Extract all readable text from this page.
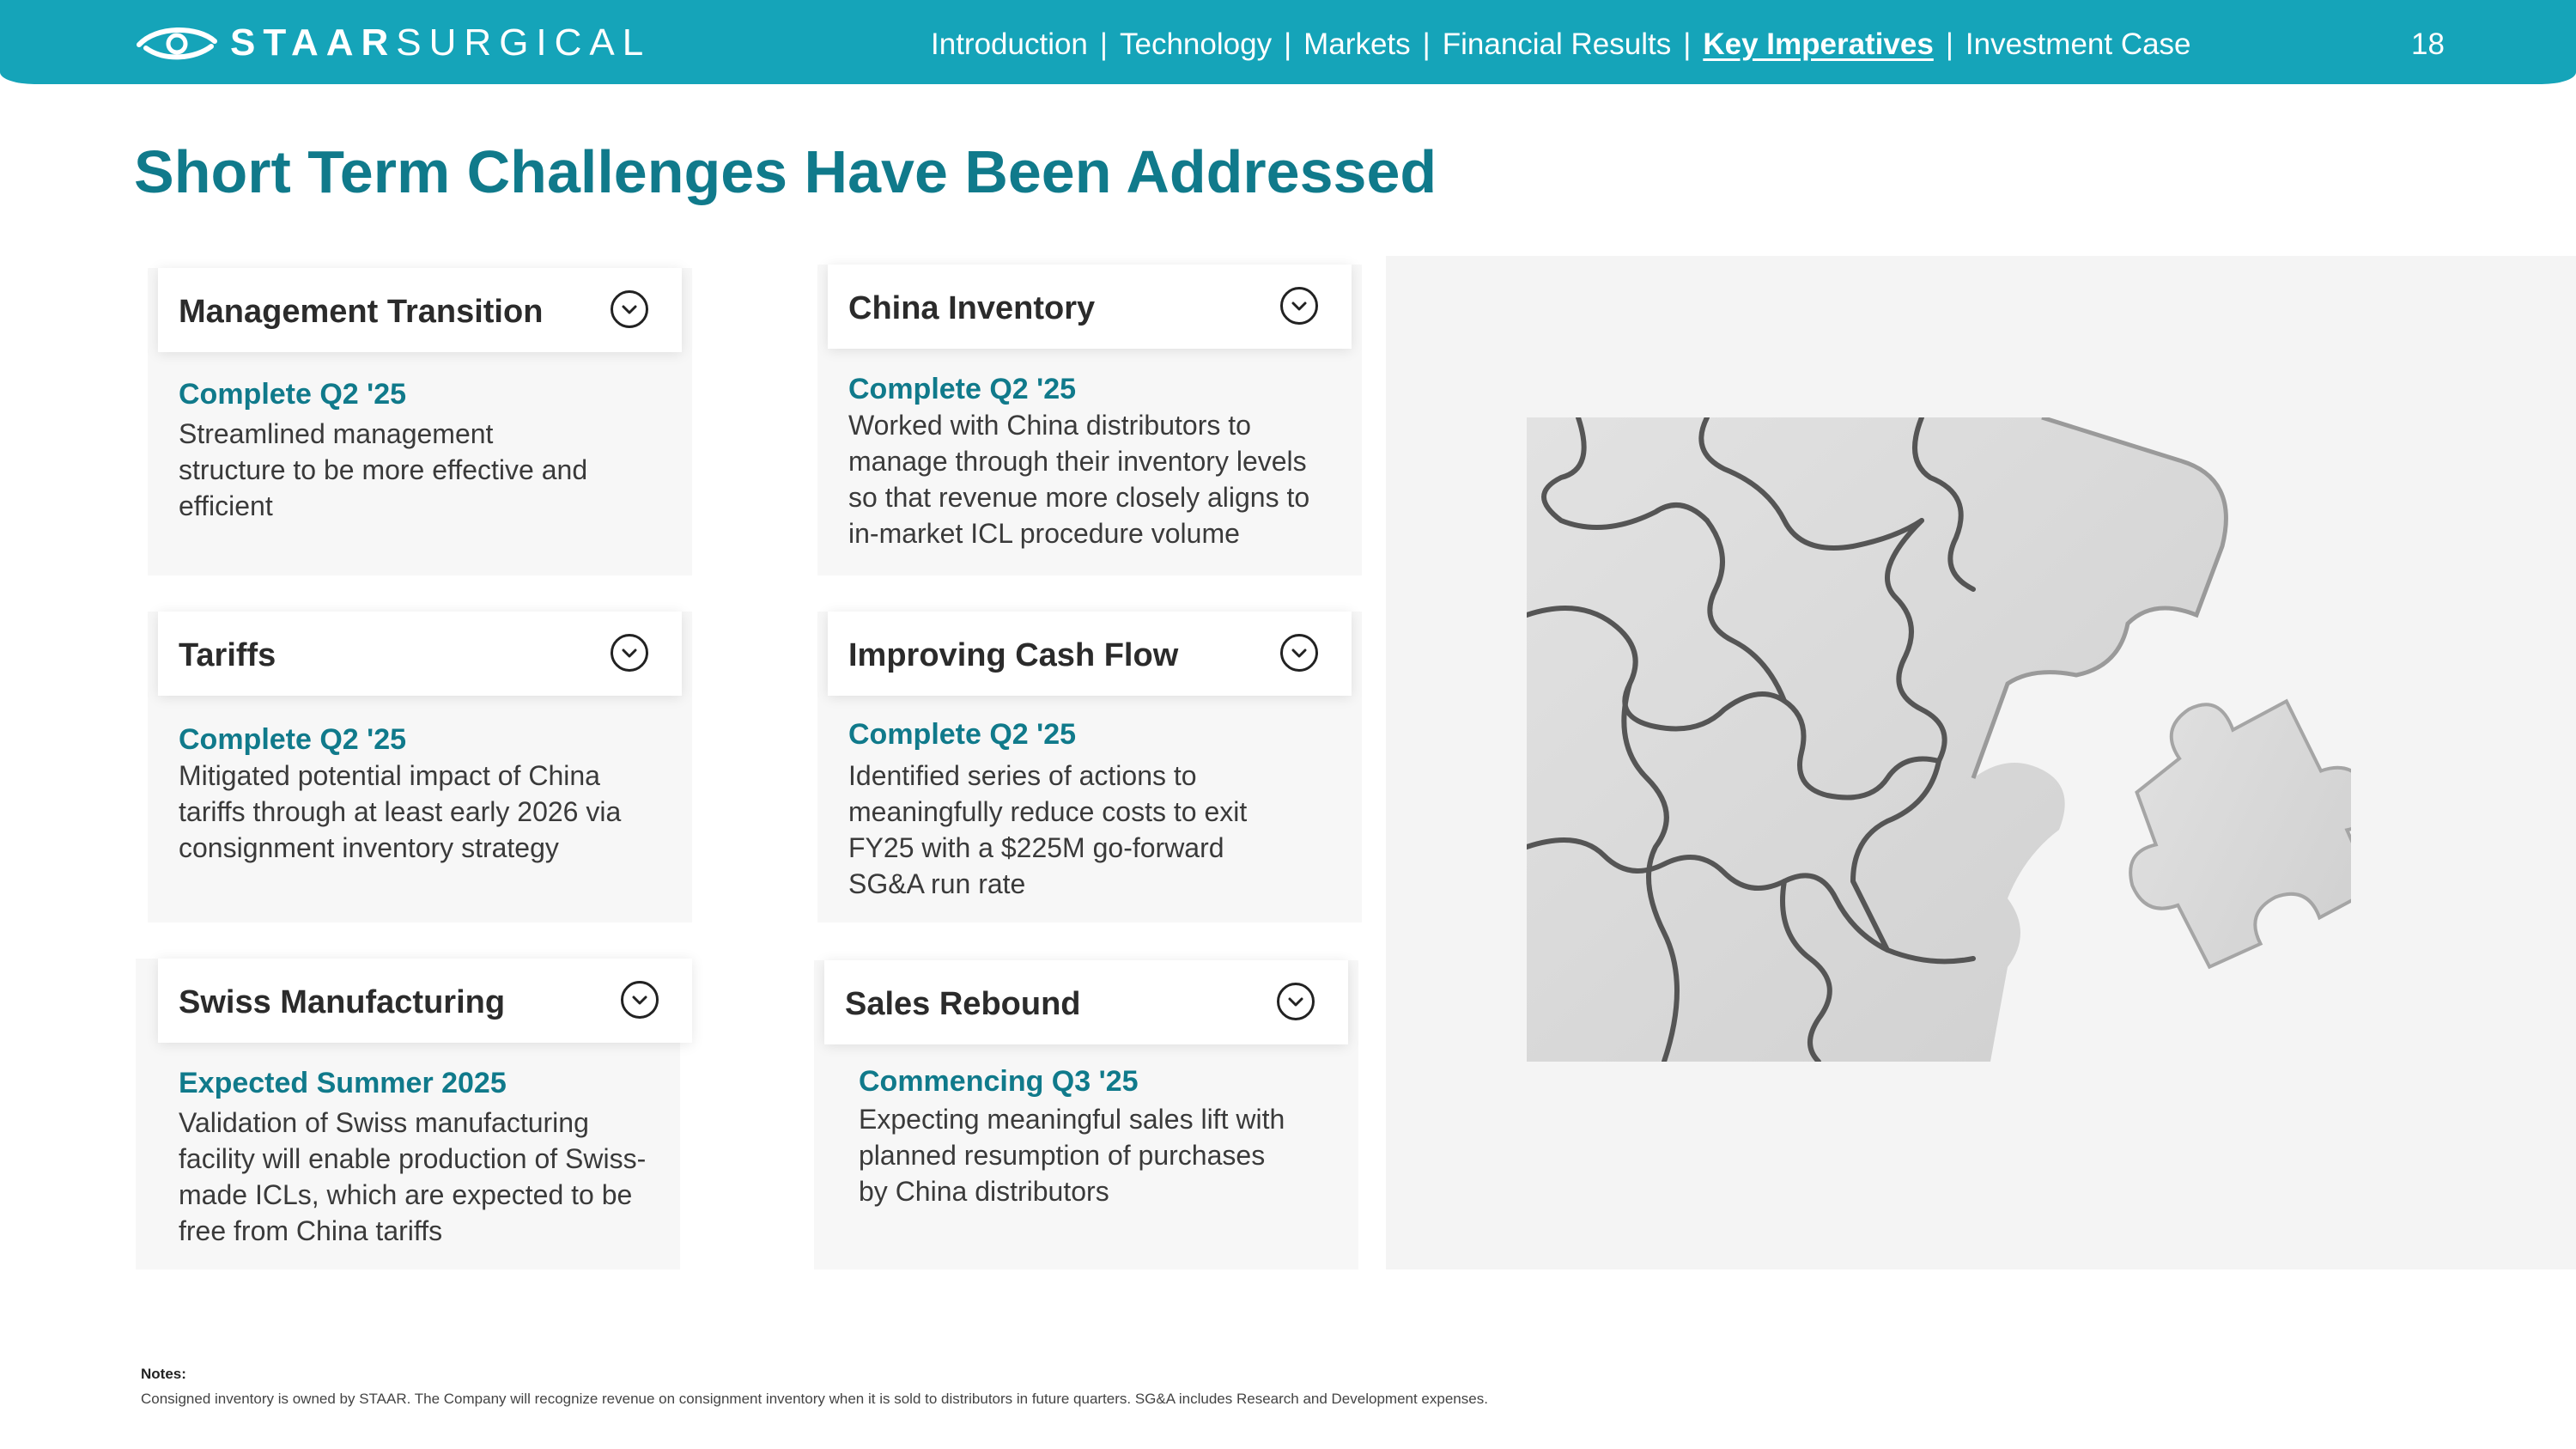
STAARSURGICAL	Introduction | Technology | Markets | Financial Results | Key Imperatives | Investment Case	18
Short Term Challenges Have Been Addressed
Management Transition
Complete Q2 '25

Streamlined management
structure to be more effective and
efficient

China Inventory
Complete Q2 '25

Worked with China distributors to
manage through their inventory levels
so that revenue more closely aligns to
in-market ICL procedure volume

Tariffs
Complete Q2 '25

Mitigated potential impact of China
tariffs through at least early 2026 via
consignment inventory strategy

Improving Cash Flow
Complete Q2 '25

Identified series of actions to
meaningfully reduce costs to exit
FY25 with a $225M go-forward
SG&A run rate

Swiss Manufacturing
Expected Summer 2025

Validation of Swiss manufacturing
facility will enable production of Swiss-
made ICLs, which are expected to be
free from China tariffs

Sales Rebound
Commencing Q3 '25

Expecting meaningful sales lift with
planned resumption of purchases
by China distributors

Notes:
Consigned inventory is owned by STAAR. The Company will recognize revenue on consignment inventory when it is sold to distributors in future quarters. SG&A includes Research and Development expenses.
